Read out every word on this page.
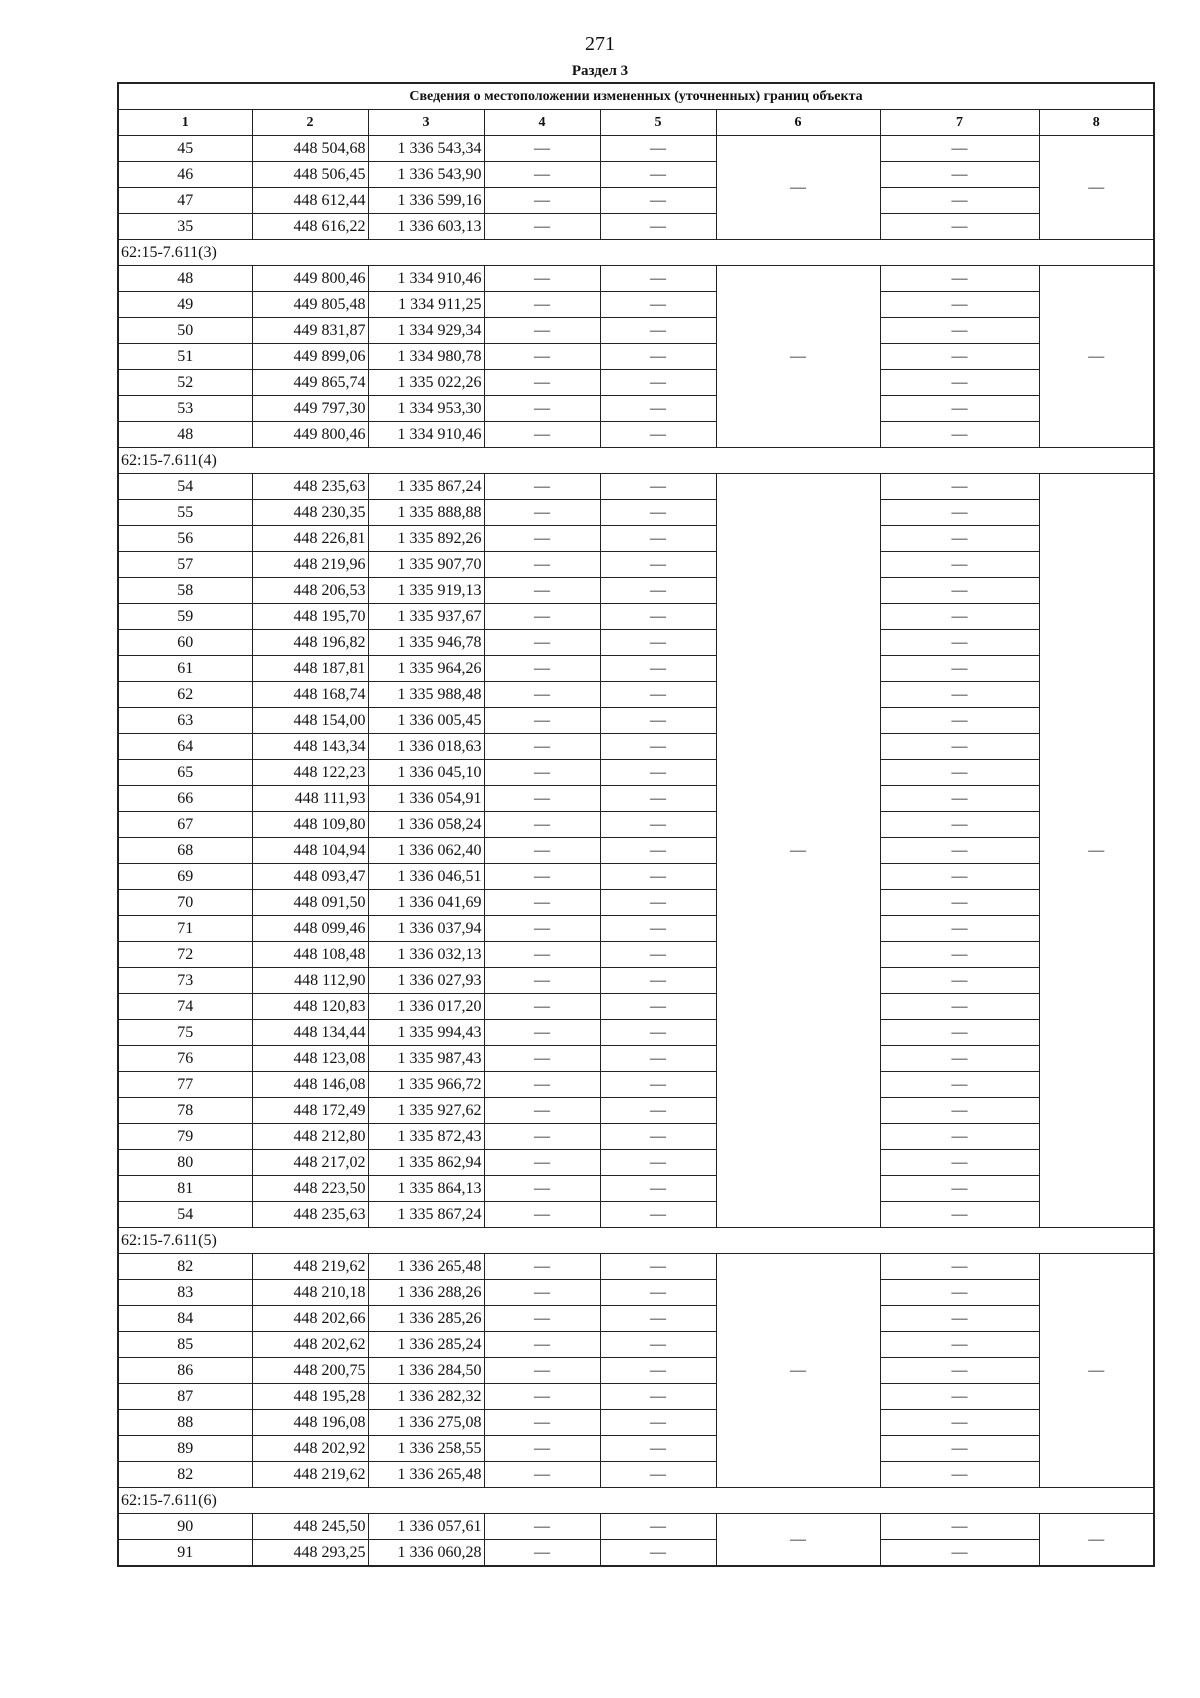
271
Раздел 3
Сведения о местоположении измененных (уточненных) границ объекта							
1	2	3	4	5	6	7	8
45	448 504,68	1 336 543,34	—	—	—	—	—
46	448 506,45	1 336 543,90	—	—		—	
47	448 612,44	1 336 599,16	—	—		—	
35	448 616,22	1 336 603,13	—	—		—	
62:15-7.611(3)							
48	449 800,46	1 334 910,46	—	—	—	—	—
49	449 805,48	1 334 911,25	—	—		—	
50	449 831,87	1 334 929,34	—	—		—	
51	449 899,06	1 334 980,78	—	—		—	
52	449 865,74	1 335 022,26	—	—		—	
53	449 797,30	1 334 953,30	—	—		—	
48	449 800,46	1 334 910,46	—	—		—	
62:15-7.611(4)							
54	448 235,63	1 335 867,24	—	—	—	—	—
55	448 230,35	1 335 888,88	—	—		—	
56	448 226,81	1 335 892,26	—	—		—	
57	448 219,96	1 335 907,70	—	—		—	
58	448 206,53	1 335 919,13	—	—		—	
59	448 195,70	1 335 937,67	—	—		—	
60	448 196,82	1 335 946,78	—	—		—	
61	448 187,81	1 335 964,26	—	—		—	
62	448 168,74	1 335 988,48	—	—		—	
63	448 154,00	1 336 005,45	—	—		—	
64	448 143,34	1 336 018,63	—	—		—	
65	448 122,23	1 336 045,10	—	—		—	
66	448 111,93	1 336 054,91	—	—		—	
67	448 109,80	1 336 058,24	—	—		—	
68	448 104,94	1 336 062,40	—	—		—	
69	448 093,47	1 336 046,51	—	—		—	
70	448 091,50	1 336 041,69	—	—		—	
71	448 099,46	1 336 037,94	—	—		—	
72	448 108,48	1 336 032,13	—	—		—	
73	448 112,90	1 336 027,93	—	—		—	
74	448 120,83	1 336 017,20	—	—		—	
75	448 134,44	1 335 994,43	—	—		—	
76	448 123,08	1 335 987,43	—	—		—	
77	448 146,08	1 335 966,72	—	—		—	
78	448 172,49	1 335 927,62	—	—		—	
79	448 212,80	1 335 872,43	—	—		—	
80	448 217,02	1 335 862,94	—	—		—	
81	448 223,50	1 335 864,13	—	—		—	
54	448 235,63	1 335 867,24	—	—		—	
62:15-7.611(5)							
82	448 219,62	1 336 265,48	—	—	—	—	—
83	448 210,18	1 336 288,26	—	—		—	
84	448 202,66	1 336 285,26	—	—		—	
85	448 202,62	1 336 285,24	—	—		—	
86	448 200,75	1 336 284,50	—	—		—	
87	448 195,28	1 336 282,32	—	—		—	
88	448 196,08	1 336 275,08	—	—		—	
89	448 202,92	1 336 258,55	—	—		—	
82	448 219,62	1 336 265,48	—	—		—	
62:15-7.611(6)							
90	448 245,50	1 336 057,61	—	—	—	—	—
91	448 293,25	1 336 060,28	—	—		—	
